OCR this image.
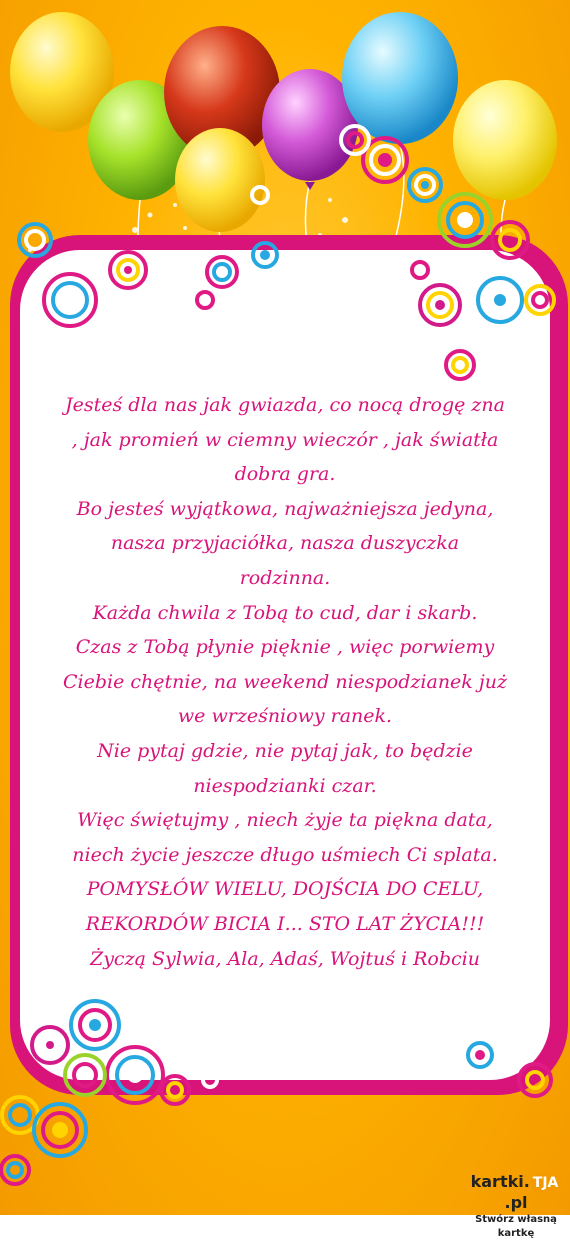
Jesteś dla nas jak gwiazda, co nocą drogę zna

, jak promień w ciemny wieczór , jak światła

dobra gra.

Bo jesteś wyjątkowa, najważniejsza jedyna,

nasza przyjaciółka, nasza duszyczka

rodzinna.

Każda chwila z Tobą to cud, dar i skarb.

Czas z Tobą płynie pięknie , więc porwiemy

Ciebie chętnie, na weekend niespodzianek już

we wrześniowy ranek.

Nie pytaj gdzie, nie pytaj jak, to będzie

niespodzianki czar.

Więc świętujmy , niech żyje ta piękna data,

niech życie jeszcze długo uśmiech Ci splata.

POMYSŁÓW WIELU, DOJŚCIA DO CELU,

REKORDÓW BICIA I... STO LAT ŻYCIA!!!

Życzą Sylwia, Ala, Adaś, Wojtuś i Robciu

kartki. TJA.pl
Stwórz własną kartkę
